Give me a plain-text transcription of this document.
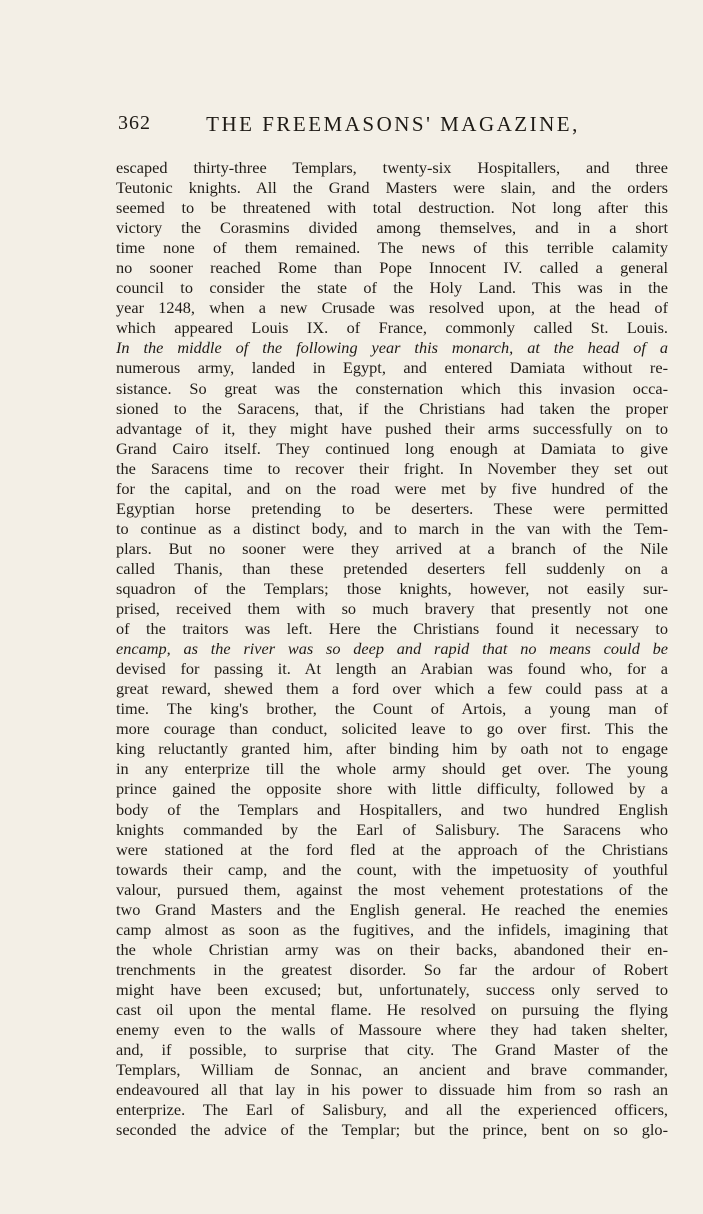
362	THE FREEMASONS' MAGAZINE,
escaped thirty-three Templars, twenty-six Hospitallers, and three
Teutonic knights. All the Grand Masters were slain, and the orders
seemed to be threatened with total destruction. Not long after this
victory the Corasmins divided among themselves, and in a short
time none of them remained. The news of this terrible calamity
no sooner reached Rome than Pope Innocent IV. called a general
council to consider the state of the Holy Land. This was in the
year 1248, when a new Crusade was resolved upon, at the head of
which appeared Louis IX. of France, commonly called St. Louis.
In the middle of the following year this monarch, at the head of a
numerous army, landed in Egypt, and entered Damiata without re-
sistance. So great was the consternation which this invasion occa-
sioned to the Saracens, that, if the Christians had taken the proper
advantage of it, they might have pushed their arms successfully on to
Grand Cairo itself. They continued long enough at Damiata to give
the Saracens time to recover their fright. In November they set out
for the capital, and on the road were met by five hundred of the
Egyptian horse pretending to be deserters. These were permitted
to continue as a distinct body, and to march in the van with the Tem-
plars. But no sooner were they arrived at a branch of the Nile
called Thanis, than these pretended deserters fell suddenly on a
squadron of the Templars; those knights, however, not easily sur-
prised, received them with so much bravery that presently not one
of the traitors was left. Here the Christians found it necessary to
encamp, as the river was so deep and rapid that no means could be
devised for passing it. At length an Arabian was found who, for a
great reward, shewed them a ford over which a few could pass at a
time. The king's brother, the Count of Artois, a young man of
more courage than conduct, solicited leave to go over first. This the
king reluctantly granted him, after binding him by oath not to engage
in any enterprize till the whole army should get over. The young
prince gained the opposite shore with little difficulty, followed by a
body of the Templars and Hospitallers, and two hundred English
knights commanded by the Earl of Salisbury. The Saracens who
were stationed at the ford fled at the approach of the Christians
towards their camp, and the count, with the impetuosity of youthful
valour, pursued them, against the most vehement protestations of the
two Grand Masters and the English general. He reached the enemies
camp almost as soon as the fugitives, and the infidels, imagining that
the whole Christian army was on their backs, abandoned their en-
trenchments in the greatest disorder. So far the ardour of Robert
might have been excused; but, unfortunately, success only served to
cast oil upon the mental flame. He resolved on pursuing the flying
enemy even to the walls of Massoure where they had taken shelter,
and, if possible, to surprise that city. The Grand Master of the
Templars, William de Sonnac, an ancient and brave commander,
endeavoured all that lay in his power to dissuade him from so rash an
enterprize. The Earl of Salisbury, and all the experienced officers,
seconded the advice of the Templar; but the prince, bent on so glo-
